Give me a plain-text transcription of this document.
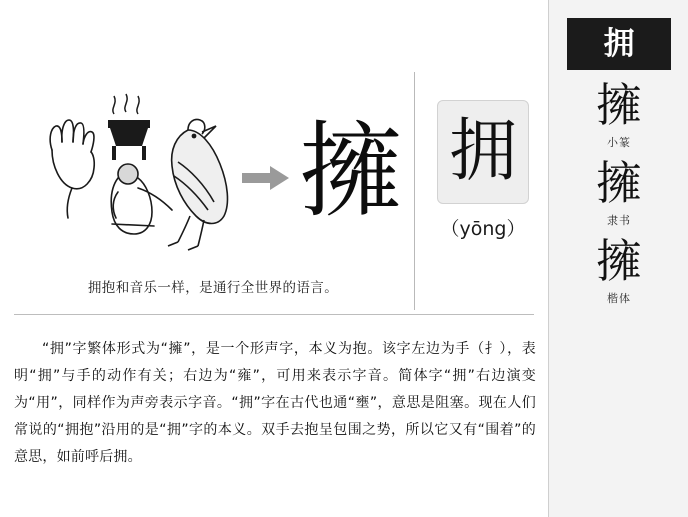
擁 拥
（yōng）
拥抱和音乐一样，是通行全世界的语言。

“拥”字繁体形式为“擁”，是一个形声字，本义为抱。该字左边为手（扌），表明“拥”与手的动作有关；右边为“雍”，可用来表示字音。简体字“拥”右边演变为“用”，同样作为声旁表示字音。“拥”字在古代也通“壅”，意思是阻塞。现在人们常说的“拥抱”沿用的是“拥”字的本义。双手去抱呈包围之势，所以它又有“围着”的意思，如前呼后拥。

拥
擁
小篆
擁
隶书
擁
楷体
